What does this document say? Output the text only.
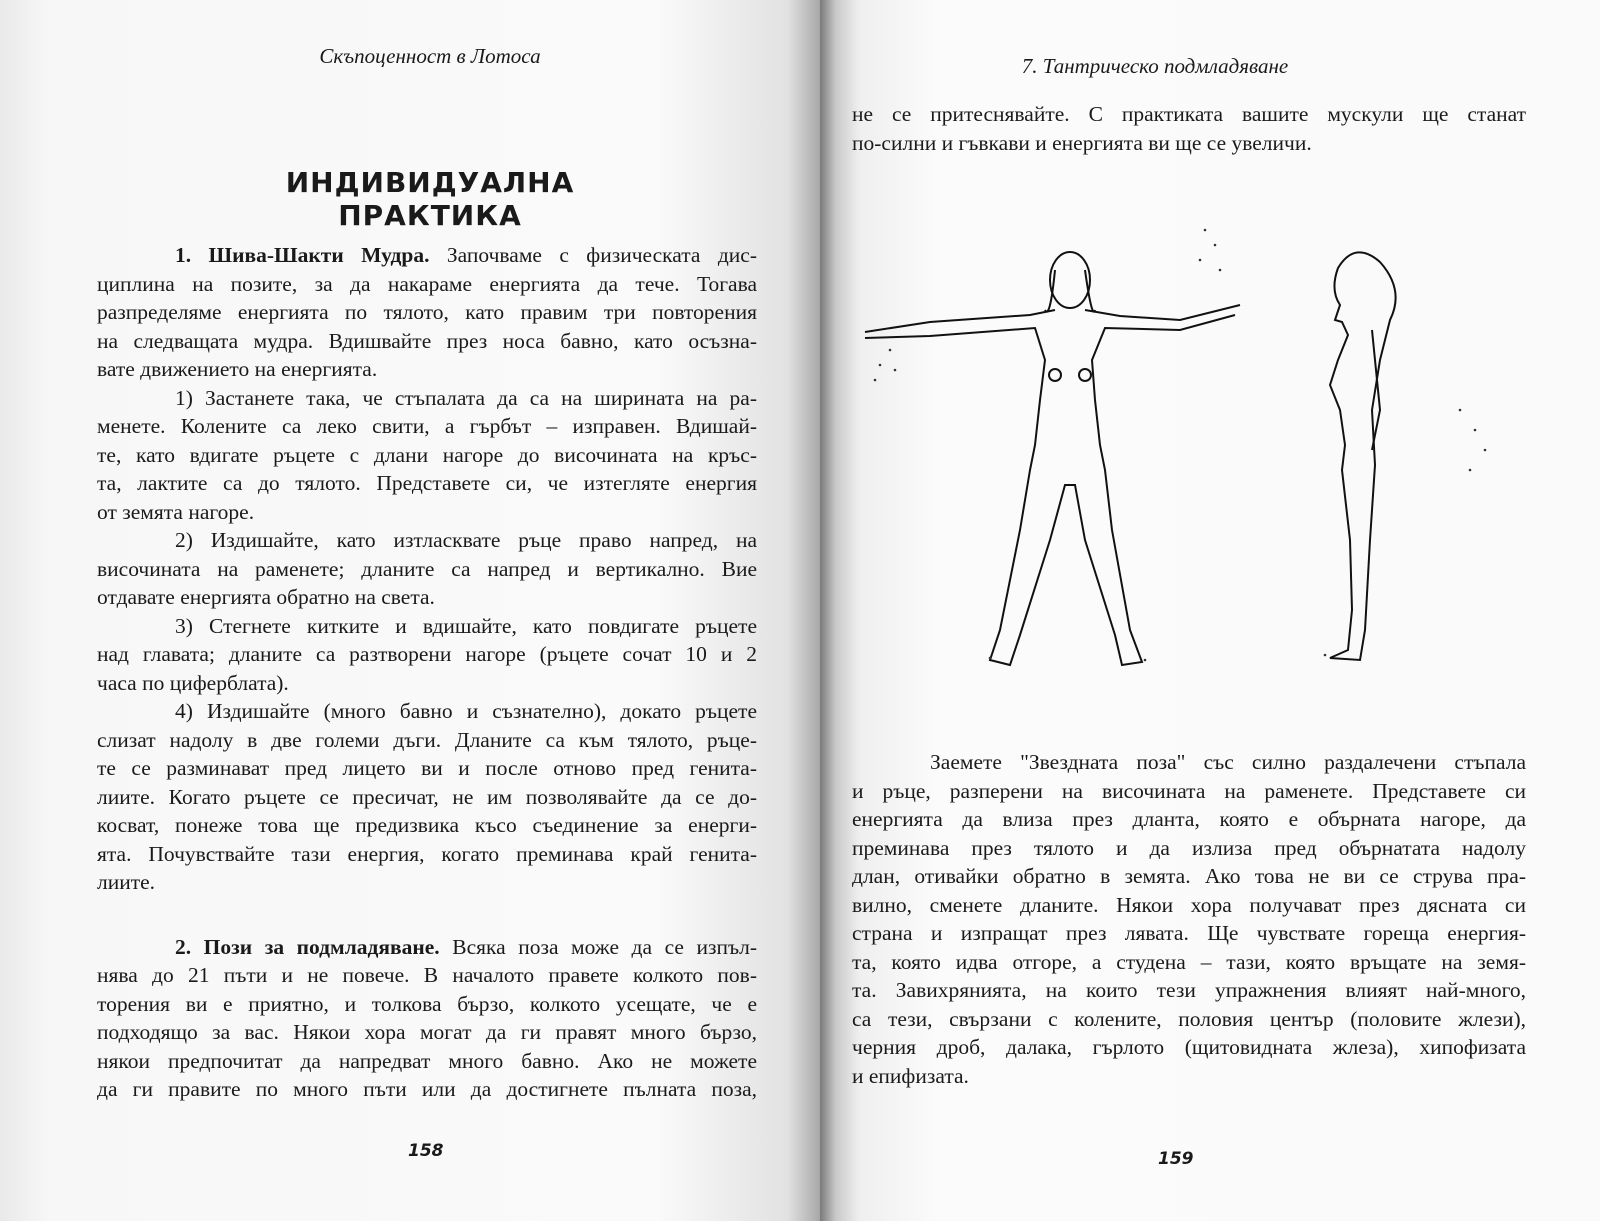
Скъпоценност в Лотоса
ИНДИВИДУАЛНА ПРАКТИКА
1. Шива-Шакти Мудра. Започваме с физическата дис-
циплина на позите, за да накараме енергията да тече. Тогава
разпределяме енергията по тялото, като правим три повторения
на следващата мудра. Вдишвайте през носа бавно, като осъзна-
вате движението на енергията.
1) Застанете така, че стъпалата да са на ширината на ра-
менете. Колените са леко свити, а гърбът – изправен. Вдишай-
те, като вдигате ръцете с длани нагоре до височината на кръс-
та, лактите са до тялото. Представете си, че изтегляте енергия
от земята нагоре.
2) Издишайте, като изтласквате ръце право напред, на
височината на раменете; дланите са напред и вертикално. Вие
отдавате енергията обратно на света.
3) Стегнете китките и вдишайте, като повдигате ръцете
над главата; дланите са разтворени нагоре (ръцете сочат 10 и 2
часа по циферблата).
4) Издишайте (много бавно и съзнателно), докато ръцете
слизат надолу в две големи дъги. Дланите са към тялото, ръце-
те се разминават пред лицето ви и после отново пред генита-
лиите. Когато ръцете се пресичат, не им позволявайте да се до-
косват, понеже това ще предизвика късо съединение за енерги-
ята. Почувствайте тази енергия, когато преминава край генита-
лиите.
2. Пози за подмладяване. Всяка поза може да се изпъл-
нява до 21 пъти и не повече. В началото правете колкото пов-
торения ви е приятно, и толкова бързо, колкото усещате, че е
подходящо за вас. Някои хора могат да ги правят много бързо,
някои предпочитат да напредват много бавно. Ако не можете
да ги правите по много пъти или да достигнете пълната поза,
158
7. Тантрическо подмладяване
не се притеснявайте. С практиката вашите мускули ще станат
по-силни и гъвкави и енергията ви ще се увеличи.
Заемете "Звездната поза" със силно раздалечени стъпала
и ръце, разперени на височината на раменете. Представете си
енергията да влиза през дланта, която е обърната нагоре, да
преминава през тялото и да излиза пред обърнатата надолу
длан, отивайки обратно в земята. Ако това не ви се струва пра-
вилно, сменете дланите. Някои хора получават през дясната си
страна и изпращат през лявата. Ще чувствате гореща енергия-
та, която идва отгоре, а студена – тази, която връщате на земя-
та. Завихрянията, на които тези упражнения влияят най-много,
са тези, свързани с колените, половия център (половите жлези),
черния дроб, далака, гърлото (щитовидната жлеза), хипофизата
и епифизата.
159
